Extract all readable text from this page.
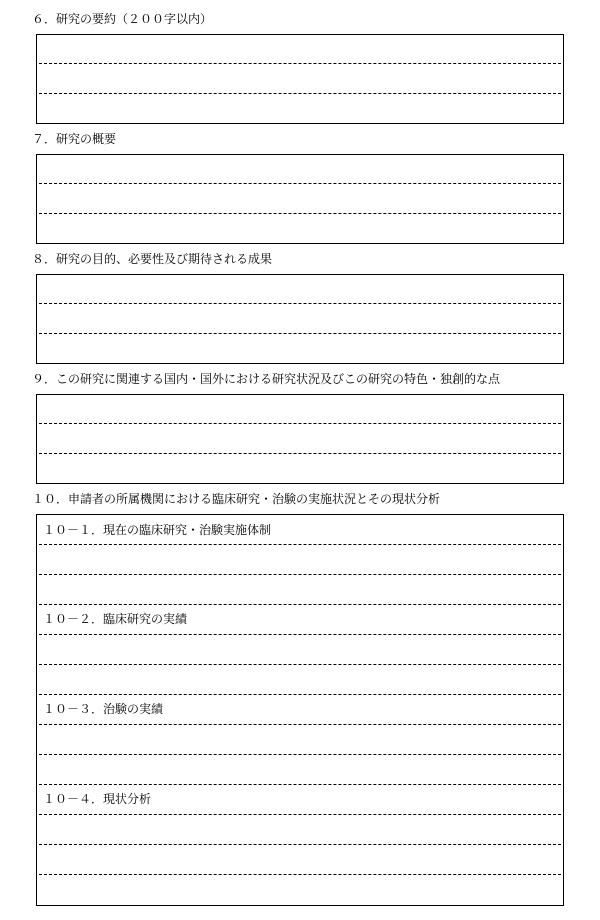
６．研究の要約（２００字以内）
７．研究の概要
８．研究の目的、必要性及び期待される成果
９．この研究に関連する国内・国外における研究状況及びこの研究の特色・独創的な点
１０．申請者の所属機関における臨床研究・治験の実施状況とその現状分析
１０－１．現在の臨床研究・治験実施体制
１０－２．臨床研究の実績
１０－３．治験の実績
１０－４．現状分析
